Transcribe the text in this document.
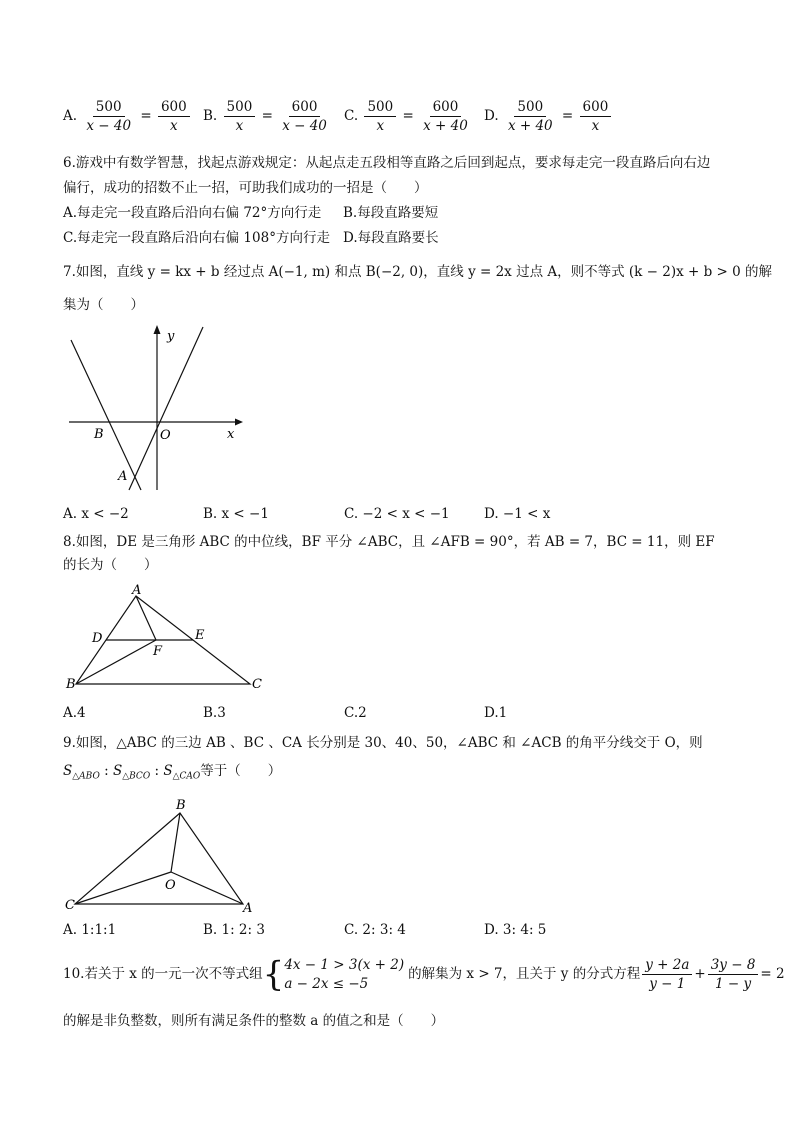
A. $\frac{500}{x - 40} = \frac{600}{x} B$. $\frac{500}{x} = \frac{600}{x - 40} C$. $\frac{500}{x} = \frac{600}{x + 40} D$. $\frac{500}{x + 40} = \frac{600}{x}$
6.游戏中有数学智慧，找起点游戏规定：从起点走五段相等直路之后回到起点，要求每走完一段直路后向右边
偏行，成功的招数不止一招，可助我们成功的一招是（　　）
A.每走完一段直路后沿向右偏 72°方向行走 B.每段直路要短
C.每走完一段直路后沿向右偏 108°方向行走 D.每段直路要长
7.如图，直线 y = kx + b 经过点 A(−1, m) 和点 B(−2, 0)，直线 y = 2x 过点 A，则不等式 (k − 2)x + b > 0 的解
集为（　　）
y
x
B	O
A
A. x < −2	B. x < −1	C. −2 < x < −1	D. −1 < x
8.如图，DE 是三角形 ABC 的中位线，BF 平分 ∠ABC，且 ∠AFB = 90°，若 AB = 7，BC = 11，则 EF
的长为（　　）
A
D	E
F
B	C
A.4	B.3	C.2	D.1
9.如图，△ABC 的三边 AB 、BC 、CA 长分别是 30、40、50，∠ABC 和 ∠ACB 的角平分线交于 O，则
$S_{\triangle ABO}$ : $S_{\triangle BCO}$ : $S_{\triangle CAO}$等于（　　）
B
O
C	A
A. 1:1:1	B. 1: 2: 3	C. 2: 3: 4	D. 3: 4: 5
10.若关于 x 的一元一次不等式组{ 4x − 1 > 3(x + 2)
a − 2x ≤ −5
的解集为 x > 7，且关于 y 的分式方程 $\frac{y + 2a}{y - 1} + \frac{3y - 8}{1 - y} = 2$
的解是非负整数，则所有满足条件的整数 a 的值之和是（　　）
